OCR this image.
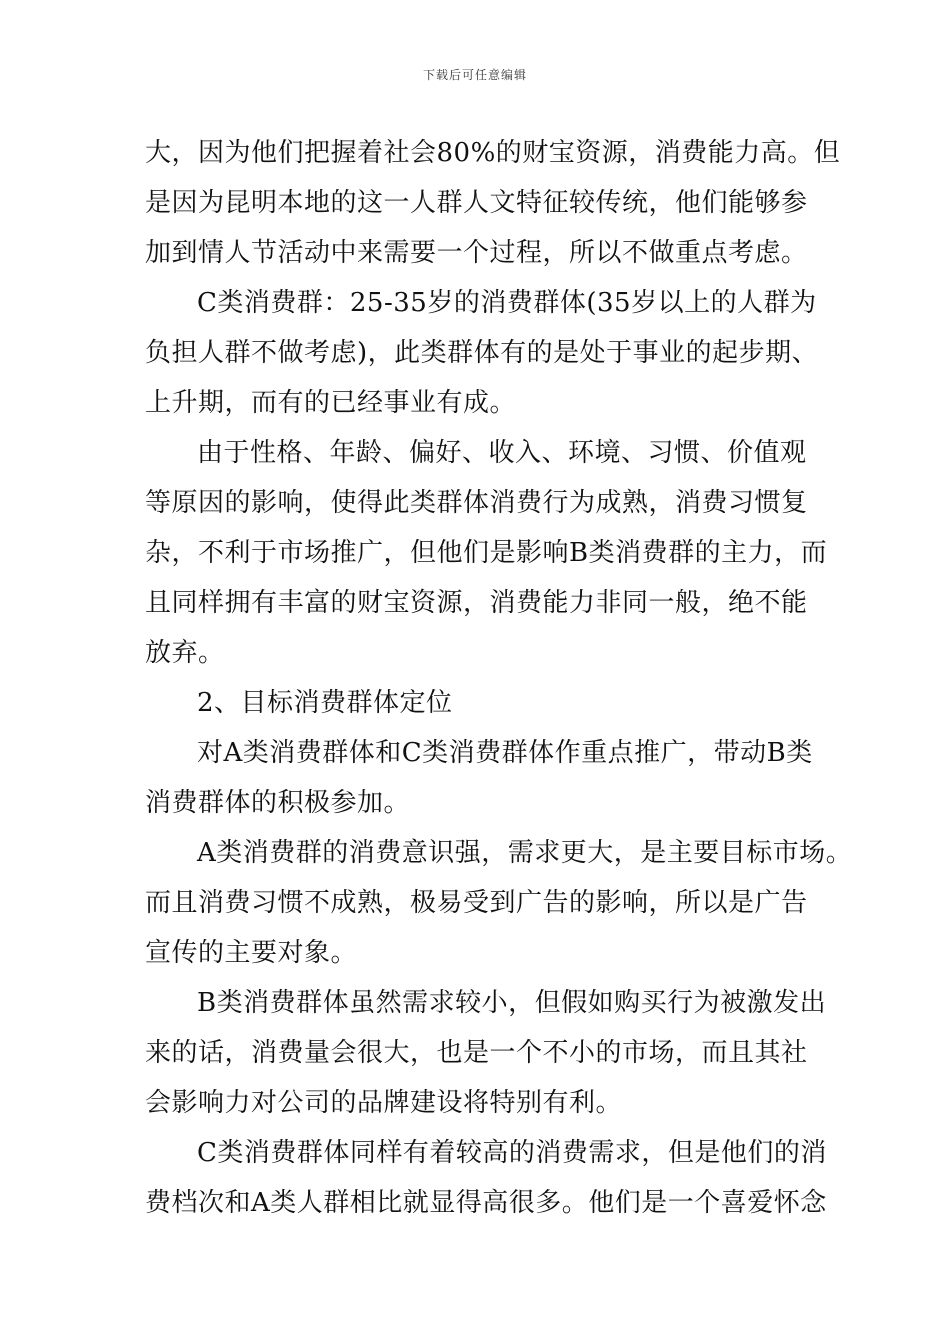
下载后可任意编辑
大，因为他们把握着社会80%的财宝资源，消费能力高。但
是因为昆明本地的这一人群人文特征较传统，他们能够参
加到情人节活动中来需要一个过程，所以不做重点考虑。
C类消费群：25-35岁的消费群体(35岁以上的人群为
负担人群不做考虑)，此类群体有的是处于事业的起步期、
上升期，而有的已经事业有成。
由于性格、年龄、偏好、收入、环境、习惯、价值观
等原因的影响，使得此类群体消费行为成熟，消费习惯复
杂，不利于市场推广，但他们是影响B类消费群的主力，而
且同样拥有丰富的财宝资源，消费能力非同一般，绝不能
放弃。
2、目标消费群体定位
对A类消费群体和C类消费群体作重点推广，带动B类
消费群体的积极参加。
A类消费群的消费意识强，需求更大，是主要目标市场。
而且消费习惯不成熟，极易受到广告的影响，所以是广告
宣传的主要对象。
B类消费群体虽然需求较小，但假如购买行为被激发出
来的话，消费量会很大，也是一个不小的市场，而且其社
会影响力对公司的品牌建设将特别有利。
C类消费群体同样有着较高的消费需求，但是他们的消
费档次和A类人群相比就显得高很多。他们是一个喜爱怀念
